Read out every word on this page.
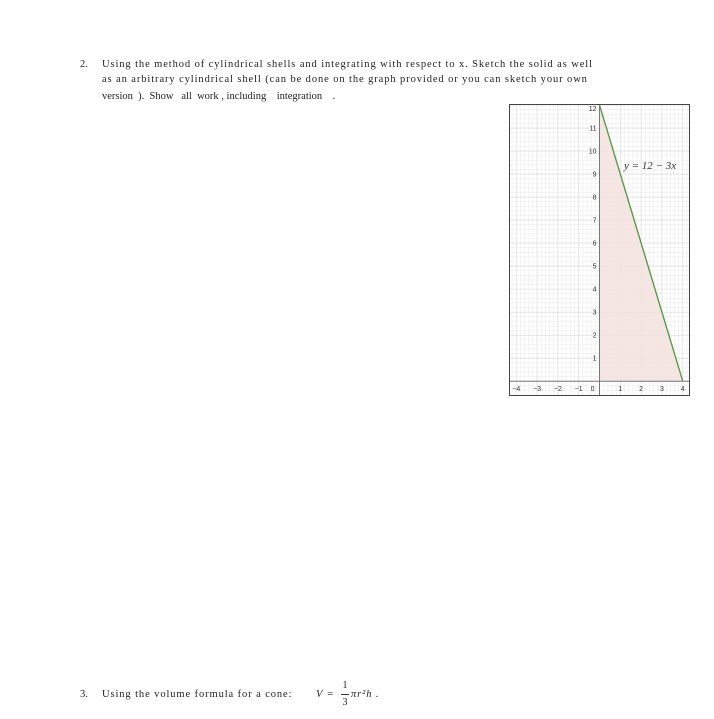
2. Using the method of cylindrical shells and integrating with respect to x. Sketch the solid as well
as an arbitrary cylindrical shell (can be done on the graph provided or you can sketch your own
version  ).  Show   all  work , including    integration    .
−4 −3 −2 −1 0	1 2 3 4
1
2
3
4
5
6
7
8
9
10
11
12
y = 12 − 3x
3. Using the volume formula for a cone: V =
1
3
πr²h .
